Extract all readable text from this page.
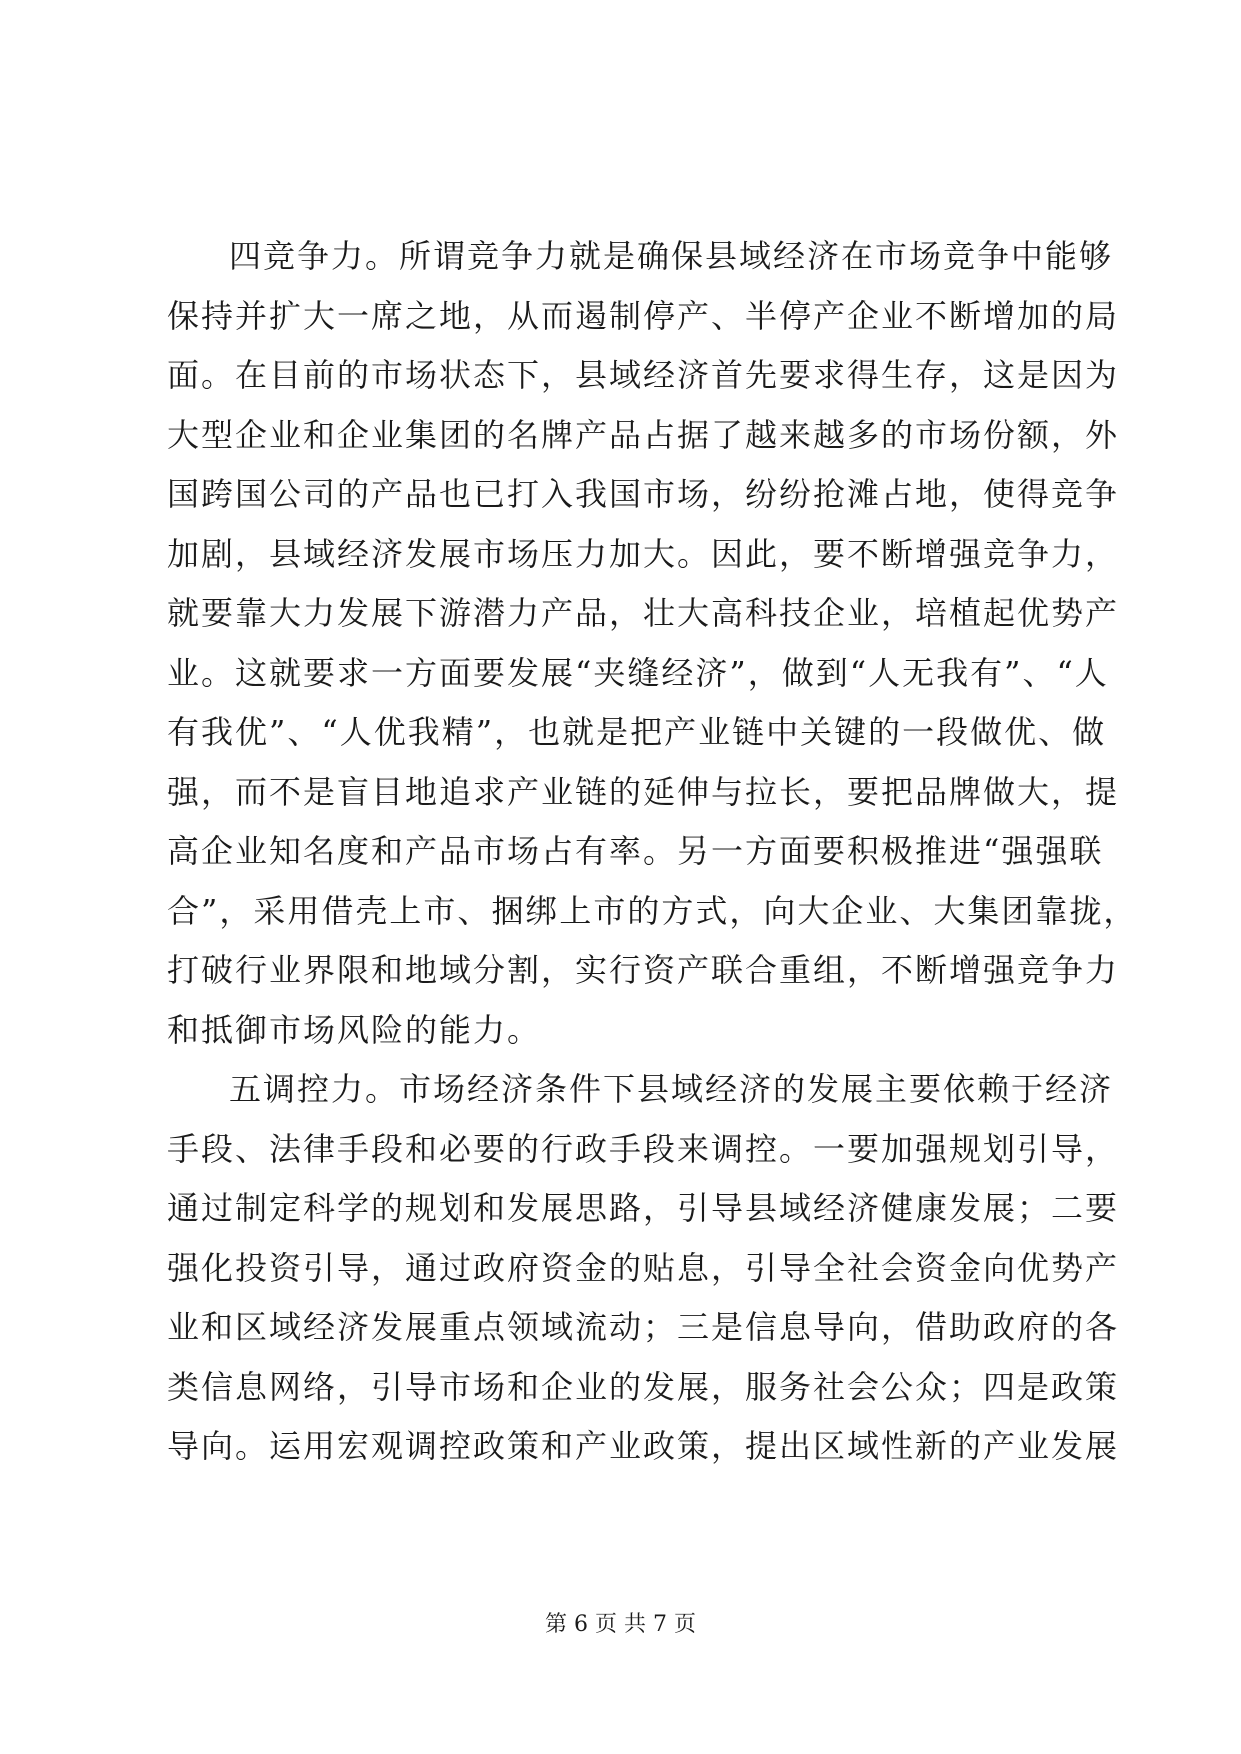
四竞争力。所谓竞争力就是确保县域经济在市场竞争中能够
保持并扩大一席之地，从而遏制停产、半停产企业不断增加的局
面。在目前的市场状态下，县域经济首先要求得生存，这是因为
大型企业和企业集团的名牌产品占据了越来越多的市场份额，外
国跨国公司的产品也已打入我国市场，纷纷抢滩占地，使得竞争
加剧，县域经济发展市场压力加大。因此，要不断增强竞争力，
就要靠大力发展下游潜力产品，壮大高科技企业，培植起优势产
业。这就要求一方面要发展“夹缝经济”，做到“人无我有”、“人
有我优”、“人优我精”，也就是把产业链中关键的一段做优、做
强，而不是盲目地追求产业链的延伸与拉长，要把品牌做大，提
高企业知名度和产品市场占有率。另一方面要积极推进“强强联
合”，采用借壳上市、捆绑上市的方式，向大企业、大集团靠拢，
打破行业界限和地域分割，实行资产联合重组，不断增强竞争力
和抵御市场风险的能力。
五调控力。市场经济条件下县域经济的发展主要依赖于经济
手段、法律手段和必要的行政手段来调控。一要加强规划引导，
通过制定科学的规划和发展思路，引导县域经济健康发展；二要
强化投资引导，通过政府资金的贴息，引导全社会资金向优势产
业和区域经济发展重点领域流动；三是信息导向，借助政府的各
类信息网络，引导市场和企业的发展，服务社会公众；四是政策
导向。运用宏观调控政策和产业政策，提出区域性新的产业发展
第 6 页 共 7 页
